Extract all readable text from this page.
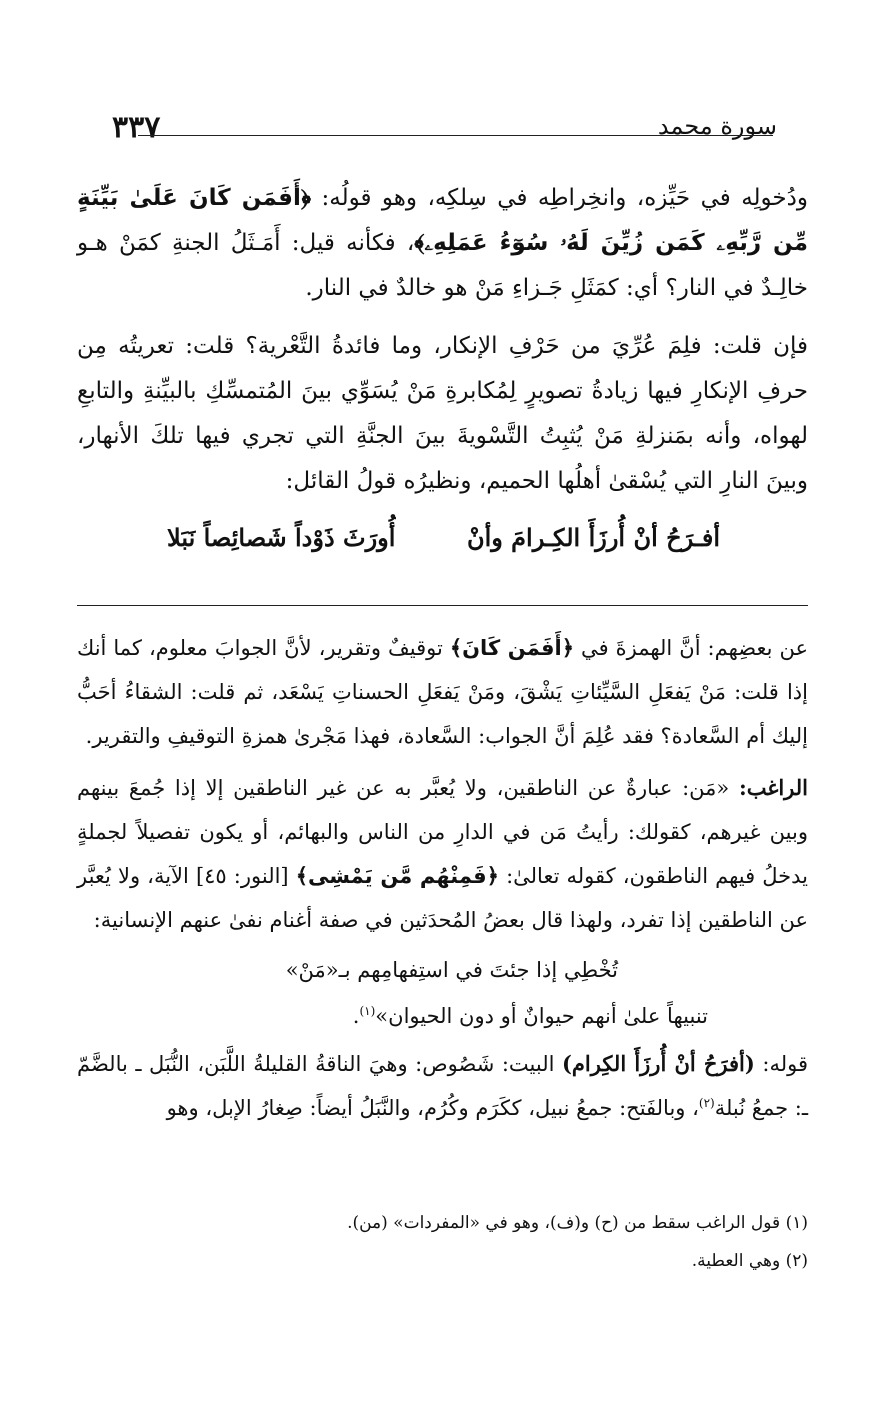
٣٣٧	سورة محمد

ودُخولِه في حَيِّزه، وانخِراطِه في سِلكِه، وهو قولُه: ﴿أَفَمَن كَانَ عَلَىٰ بَيِّنَةٍ مِّن رَّبِّهِۦ كَمَن زُيِّنَ لَهُۥ سُوٓءُ عَمَلِهِۦ﴾، فكأنه قيل: أَمَـثَلُ الجنةِ كمَنْ هـو خالِـدٌ في النار؟ أي: كمَثَلِ جَـزاءِ مَنْ هو خالدٌ في النار.

فإن قلت: فلِمَ عُرِّيَ من حَرْفِ الإنكار، وما فائدةُ التَّعْرية؟ قلت: تعريتُه مِن حرفِ الإنكارِ فيها زيادةُ تصويرٍ لِمُكابرةِ مَنْ يُسَوِّي بينَ المُتمسِّكِ بالبيِّنةِ والتابعِ لهواه، وأنه بمَنزلةِ مَنْ يُثبِتُ التَّسْويةَ بينَ الجنَّةِ التي تجري فيها تلكَ الأنهار، وبينَ النارِ التي يُسْقىٰ أهلُها الحميم، ونظيرُه قولُ القائل:

أفـرَحُ أنْ أُرزَأَ الكِـرامَ وأنْ
أُورَثَ ذَوْداً شَصائِصاً نَبَلا

عن بعضِهم: أنَّ الهمزةَ في ﴿أَفَمَن كَانَ﴾ توقيفٌ وتقرير، لأنَّ الجوابَ معلوم، كما أنك إذا قلت: مَنْ يَفعَلِ السَّيِّئاتِ يَشْقَ، ومَنْ يَفعَلِ الحسناتِ يَسْعَد، ثم قلت: الشقاءُ أحَبُّ إليك أم السَّعادة؟ فقد عُلِمَ أنَّ الجواب: السَّعادة، فهذا مَجْرىٰ همزةِ التوقيفِ والتقرير.

الراغب: «مَن: عبارةٌ عن الناطقين، ولا يُعبَّر به عن غير الناطقين إلا إذا جُمعَ بينهم وبين غيرهم، كقولك: رأيتُ مَن في الدارِ من الناس والبهائم، أو يكون تفصيلاً لجملةٍ يدخلُ فيهم الناطقون، كقوله تعالىٰ: ﴿فَمِنْهُم مَّن يَمْشِى﴾ [النور: ٤٥] الآية، ولا يُعبَّر عن الناطقين إذا تفرد، ولهذا قال بعضُ المُحدَثين في صفة أغنام نفىٰ عنهم الإنسانية:

تُخْطِي إذا جئتَ في استِفهامِهم بـ«مَنْ»
تنبيهاً علىٰ أنهم حيوانٌ أو دون الحيوان»$^{(١)}$.

قوله: (أفرَحُ أنْ أُرزَأَ الكِرام) البيت: شَصُوص: وهيَ الناقةُ القليلةُ اللَّبَن، النُّبَل ـ بالضَّمّ ـ: جمعُ نُبلة$^{(٢)}$، وبالفَتح: جمعُ نبيل، ككَرَم وكُرُم، والنَّبَلُ أيضاً: صِغارُ الإبل، وهو

(١) قول الراغب سقط من (ح) و(ف)، وهو في «المفردات» (من).

(٢) وهي العطية.
